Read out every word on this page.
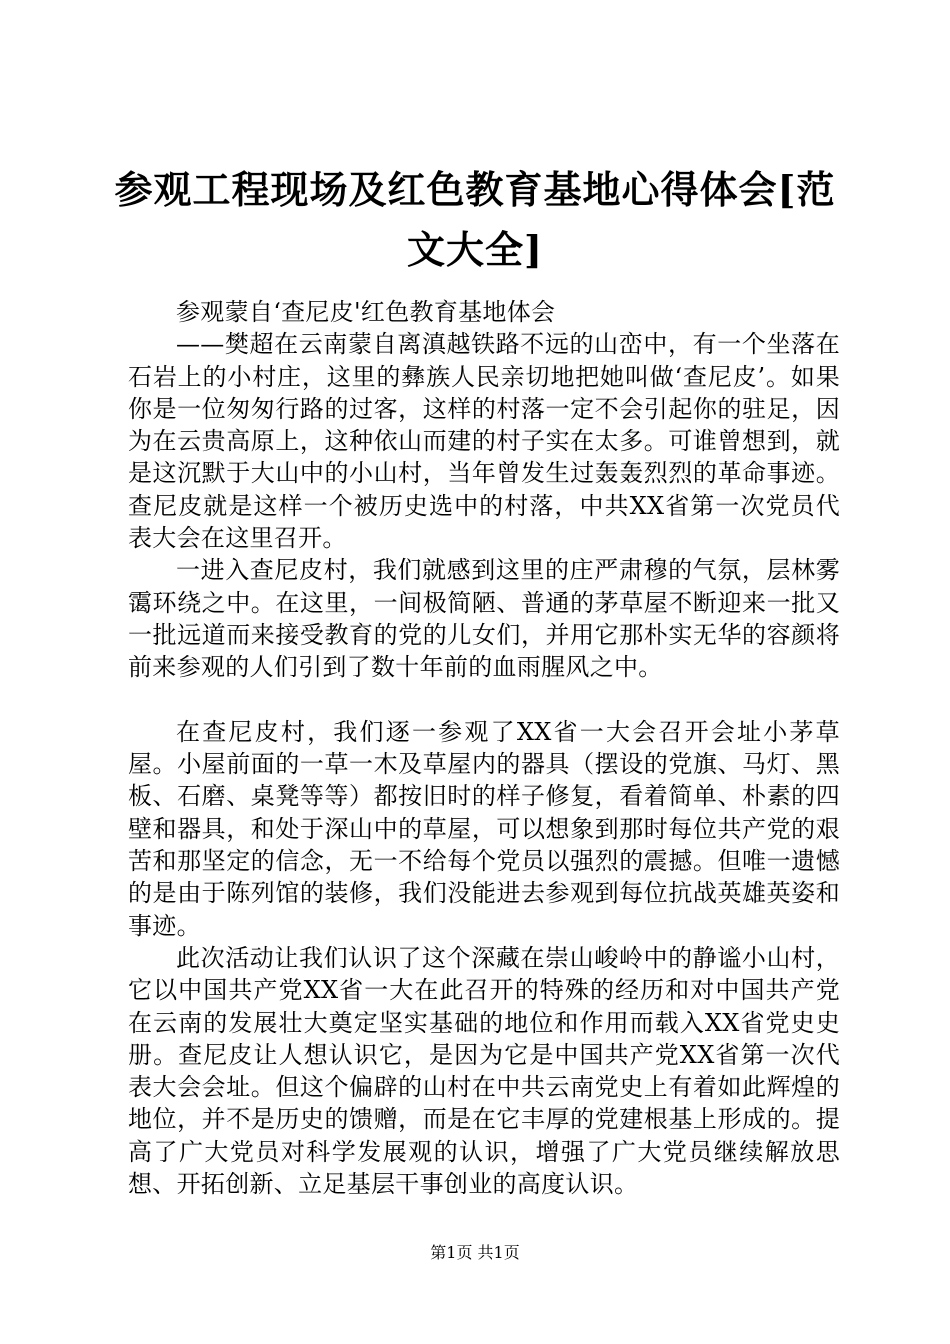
参观工程现场及红色教育基地心得体会[范文大全]

参观蒙自‘查尼皮'红色教育基地体会

——樊超在云南蒙自离滇越铁路不远的山峦中，有一个坐落在石岩上的小村庄，这里的彝族人民亲切地把她叫做‘查尼皮’。如果你是一位匆匆行路的过客，这样的村落一定不会引起你的驻足，因为在云贵高原上，这种依山而建的村子实在太多。可谁曾想到，就是这沉默于大山中的小山村，当年曾发生过轰轰烈烈的革命事迹。查尼皮就是这样一个被历史选中的村落，中共XX省第一次党员代表大会在这里召开。

一进入查尼皮村，我们就感到这里的庄严肃穆的气氛，层林雾霭环绕之中。在这里，一间极简陋、普通的茅草屋不断迎来一批又一批远道而来接受教育的党的儿女们，并用它那朴实无华的容颜将前来参观的人们引到了数十年前的血雨腥风之中。

在查尼皮村，我们逐一参观了XX省一大会召开会址小茅草屋。小屋前面的一草一木及草屋内的器具（摆设的党旗、马灯、黑板、石磨、桌凳等等）都按旧时的样子修复，看着简单、朴素的四壁和器具，和处于深山中的草屋，可以想象到那时每位共产党的艰苦和那坚定的信念，无一不给每个党员以强烈的震撼。但唯一遗憾的是由于陈列馆的装修，我们没能进去参观到每位抗战英雄英姿和事迹。

此次活动让我们认识了这个深藏在崇山峻岭中的静谧小山村，它以中国共产党XX省一大在此召开的特殊的经历和对中国共产党在云南的发展壮大奠定坚实基础的地位和作用而载入XX省党史史册。查尼皮让人想认识它，是因为它是中国共产党XX省第一次代表大会会址。但这个偏辟的山村在中共云南党史上有着如此辉煌的地位，并不是历史的馈赠，而是在它丰厚的党建根基上形成的。提高了广大党员对科学发展观的认识，增强了广大党员继续解放思想、开拓创新、立足基层干事创业的高度认识。

第1页 共1页
